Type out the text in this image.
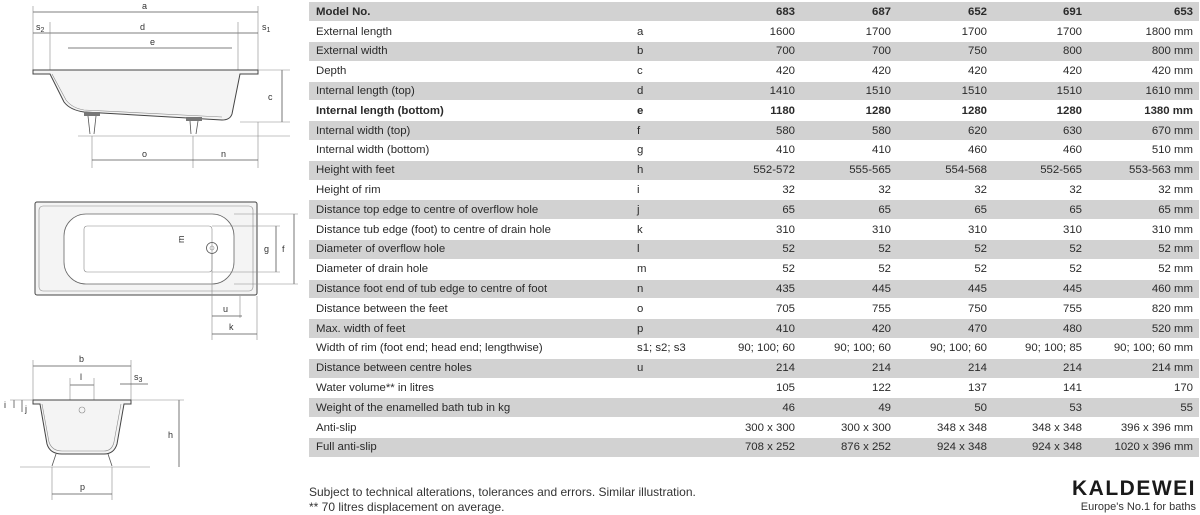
a
$s_2$	d	$s_1$
e
c
o	n
m
g f
u
k
b
l	$s_3$
i j
h
p
Model No.		683	687	652	691	653
External length	a	1600	1700	1700	1700	1800 mm
External width	b	700	700	750	800	800 mm
Depth	c	420	420	420	420	420 mm
Internal length (top)	d	1410	1510	1510	1510	1610 mm
Internal length (bottom)	e	1180	1280	1280	1280	1380 mm
Internal width (top)	f	580	580	620	630	670 mm
Internal width (bottom)	g	410	410	460	460	510 mm
Height with feet	h	552-572	555-565	554-568	552-565	553-563 mm
Height of rim	i	32	32	32	32	32 mm
Distance top edge to centre of overflow hole	j	65	65	65	65	65 mm
Distance tub edge (foot) to centre of drain hole	k	310	310	310	310	310 mm
Diameter of overflow hole	l	52	52	52	52	52 mm
Diameter of drain hole	m	52	52	52	52	52 mm
Distance foot end of tub edge to centre of foot	n	435	445	445	445	460 mm
Distance between the feet	o	705	755	750	755	820 mm
Max. width of feet	p	410	420	470	480	520 mm
Width of rim (foot end; head end; lengthwise)	s1; s2; s3	90; 100; 60	90; 100; 60	90; 100; 60	90; 100; 85	90; 100; 60 mm
Distance between centre holes	u	214	214	214	214	214 mm
Water volume** in litres		105	122	137	141	170
Weight of the enamelled bath tub in kg		46	49	50	53	55
Anti-slip		300 x 300	300 x 300	348 x 348	348 x 348	396 x 396 mm
Full anti-slip		708 x 252	876 x 252	924 x 348	924 x 348	1020 x 396 mm
Subject to technical alterations, tolerances and errors. Similar illustration.
** 70 litres displacement on average.
KALDEWEI
Europe's No.1 for baths
